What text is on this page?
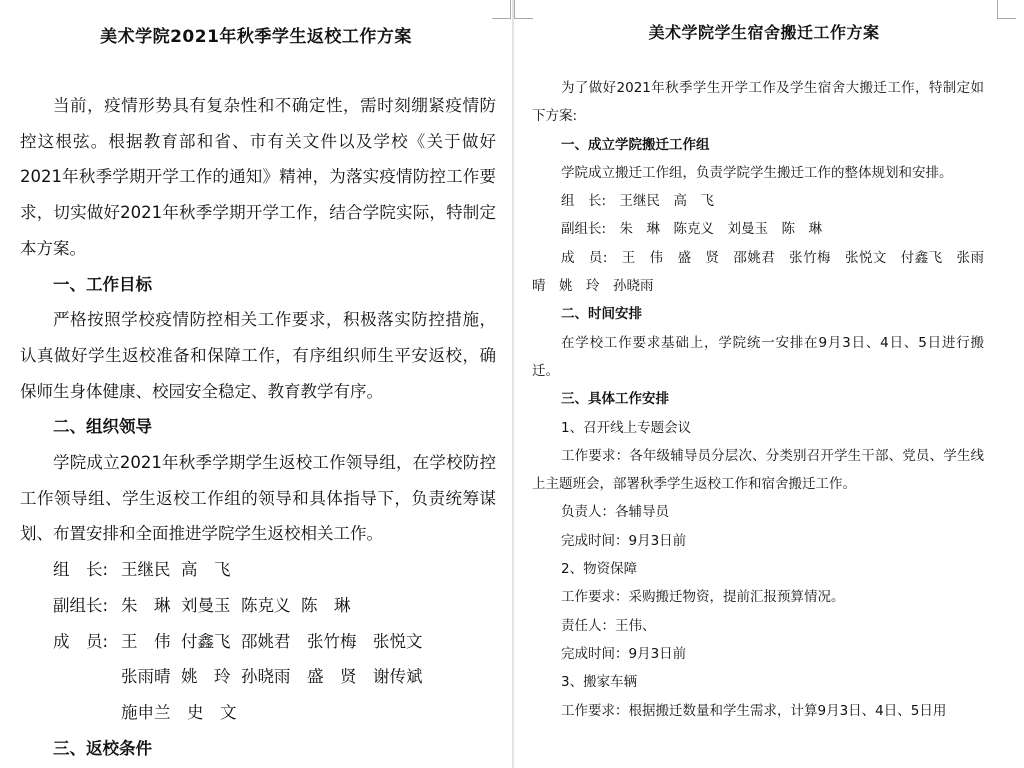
美术学院2021年秋季学生返校工作方案

当前，疫情形势具有复杂性和不确定性，需时刻绷紧疫情防控这根弦。根据教育部和省、市有关文件以及学校《关于做好2021年秋季学期开学工作的通知》精神，为落实疫情防控工作要求，切实做好2021年秋季学期开学工作，结合学院实际，特制定本方案。

一、工作目标

严格按照学校疫情防控相关工作要求，积极落实防控措施，认真做好学生返校准备和保障工作，有序组织师生平安返校，确保师生身体健康、校园安全稳定、教育教学有序。

二、组织领导

学院成立2021年秋季学期学生返校工作领导组，在学校防控工作领导组、学生返校工作组的领导和具体指导下，负责统筹谋划、布置安排和全面推进学院学生返校相关工作。

组　长: 王继民  高　飞

副组长: 朱　琳  刘曼玉  陈克义  陈　琳

成　员: 王　伟  付鑫飞  邵姚君　张竹梅　张悦文

张雨晴  姚　玲  孙晓雨　盛　贤　谢传斌

施申兰　史　文

三、返校条件

美术学院学生宿舍搬迁工作方案

为了做好2021年秋季学生开学工作及学生宿舍大搬迁工作，特制定如下方案:

一、成立学院搬迁工作组

学院成立搬迁工作组，负责学院学生搬迁工作的整体规划和安排。

组　长:　王继民　高　飞

副组长:　朱　琳　陈克义　刘曼玉　陈　琳

成　员:　王　伟　盛　贤　邵姚君　张竹梅　张悦文　付鑫飞　张雨晴　姚　玲　孙晓雨

二、时间安排

在学校工作要求基础上，学院统一安排在9月3日、4日、5日进行搬迁。

三、具体工作安排

1、召开线上专题会议

工作要求：各年级辅导员分层次、分类别召开学生干部、党员、学生线上主题班会，部署秋季学生返校工作和宿舍搬迁工作。

负责人：各辅导员

完成时间：9月3日前

2、物资保障

工作要求：采购搬迁物资，提前汇报预算情况。

责任人：王伟、

完成时间：9月3日前

3、搬家车辆

工作要求：根据搬迁数量和学生需求，计算9月3日、4日、5日用
